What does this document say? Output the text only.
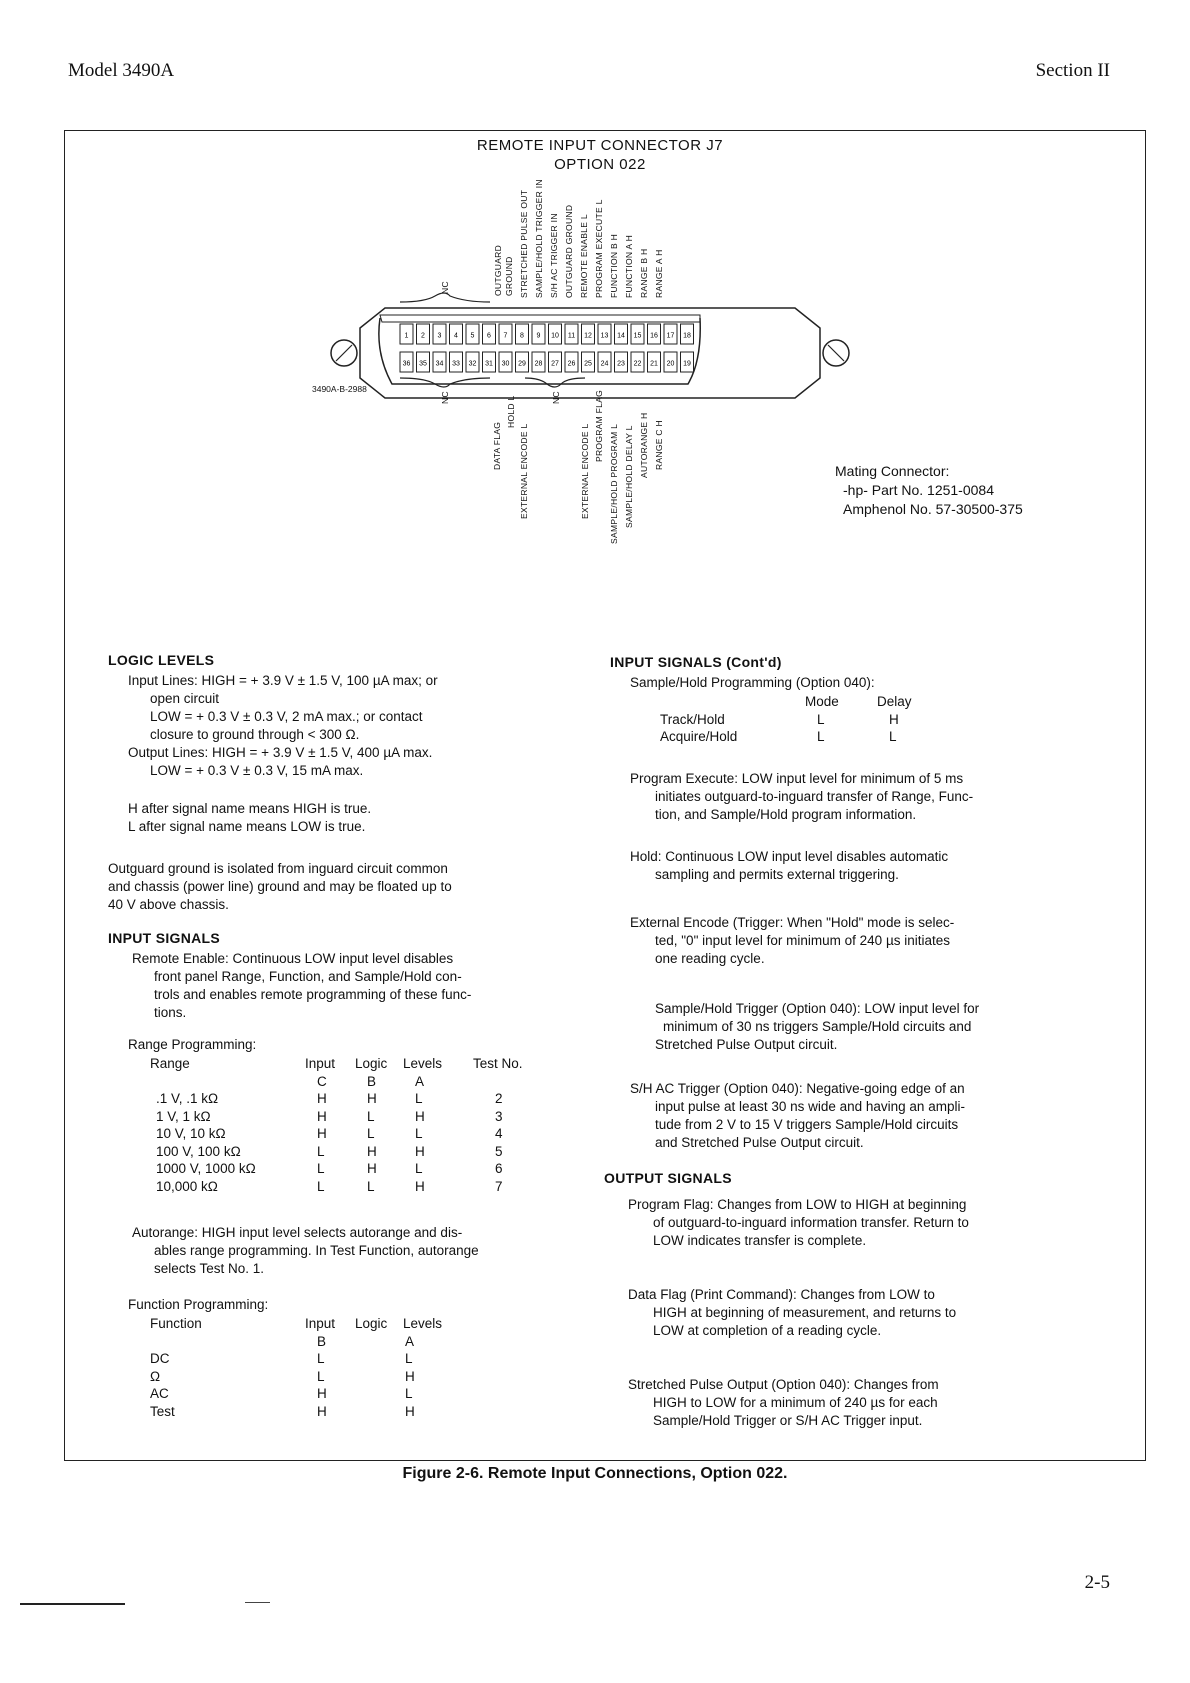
Model 3490A	Section II
REMOTE INPUT CONNECTOR J7
OPTION 022
1 2 3 4 5 6 7 8 9 10 11 12 13 14 15 16 17 18
36 35 34 33 32 31 30 29 28 27 26 25 24 23 22 21 20 19
NC	OUTGUARD GROUND STRETCHED PULSE OUT SAMPLE/HOLD TRIGGER IN S/H AC TRIGGER IN OUTGUARD GROUND REMOTE ENABLE L PROGRAM EXECUTE L FUNCTION B H FUNCTION A H RANGE B H RANGE A H
3490A-B-2988
NC
DATA FLAG
HOLD L
EXTERNAL ENCODE L
NC
EXTERNAL ENCODE L PROGRAM FLAG SAMPLE/HOLD PROGRAM L SAMPLE/HOLD DELAY L AUTORANGE H RANGE C H
Mating Connector:
-hp- Part No. 1251-0084
Amphenol No. 57-30500-375
LOGIC LEVELS
Input Lines: HIGH = + 3.9 V ± 1.5 V, 100 µA max; or
open circuit
LOW = + 0.3 V ± 0.3 V, 2 mA max.; or contact
closure to ground through < 300 Ω.
Output Lines: HIGH = + 3.9 V ± 1.5 V, 400 µA max.
LOW = + 0.3 V ± 0.3 V, 15 mA max.
H after signal name means HIGH is true.
L after signal name means LOW is true.
Outguard ground is isolated from inguard circuit common
and chassis (power line) ground and may be floated up to
40 V above chassis.
INPUT SIGNALS
Remote Enable: Continuous LOW input level disables
front panel Range, Function, and Sample/Hold con-
trols and enables remote programming of these func-
tions.
Range Programming:
Range	Input	Logic	Levels	Test No.
	C	B	A	
.1 V, .1 kΩ	H	H	L	2
1 V, 1 kΩ	H	L	H	3
10 V, 10 kΩ	H	L	L	4
100 V, 100 kΩ	L	H	H	5
1000 V, 1000 kΩ	L	H	L	6
10,000 kΩ	L	L	H	7
Autorange: HIGH input level selects autorange and dis-
ables range programming. In Test Function, autorange
selects Test No. 1.
Function Programming:
Function	Input	Logic	Levels
	B		A
DC	L		L
Ω	L		H
AC	H		L
Test	H		H
INPUT SIGNALS (Cont'd)
Sample/Hold Programming (Option 040):
	Mode	Delay
Track/Hold	L	H
Acquire/Hold	L	L
Program Execute: LOW input level for minimum of 5 ms
initiates outguard-to-inguard transfer of Range, Func-
tion, and Sample/Hold program information.
Hold: Continuous LOW input level disables automatic
sampling and permits external triggering.
External Encode (Trigger: When "Hold" mode is selec-
ted, "0" input level for minimum of 240 µs initiates
one reading cycle.
Sample/Hold Trigger (Option 040): LOW input level for
minimum of 30 ns triggers Sample/Hold circuits and
Stretched Pulse Output circuit.
S/H AC Trigger (Option 040): Negative-going edge of an
input pulse at least 30 ns wide and having an ampli-
tude from 2 V to 15 V triggers Sample/Hold circuits
and Stretched Pulse Output circuit.
OUTPUT SIGNALS
Program Flag: Changes from LOW to HIGH at beginning
of outguard-to-inguard information transfer. Return to
LOW indicates transfer is complete.
Data Flag (Print Command): Changes from LOW to
HIGH at beginning of measurement, and returns to
LOW at completion of a reading cycle.
Stretched Pulse Output (Option 040): Changes from
HIGH to LOW for a minimum of 240 µs for each
Sample/Hold Trigger or S/H AC Trigger input.
Figure 2-6. Remote Input Connections, Option 022.
2-5
